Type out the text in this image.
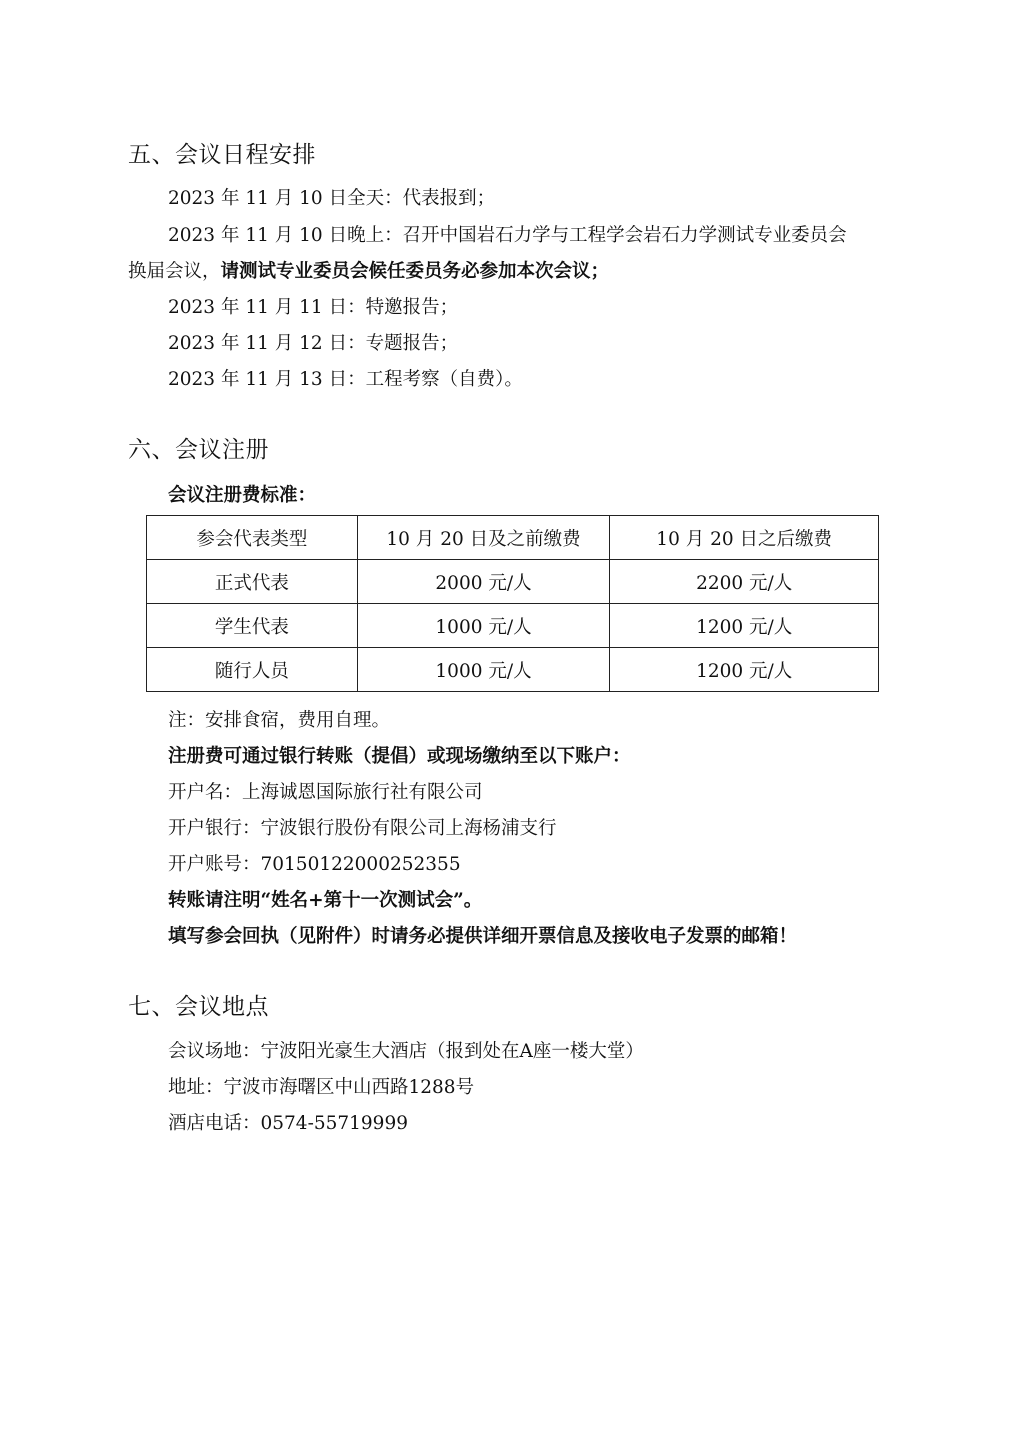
五、会议日程安排

2023 年 11 月 10 日全天：代表报到；

2023 年 11 月 10 日晚上：召开中国岩石力学与工程学会岩石力学测试专业委员会

换届会议，请测试专业委员会候任委员务必参加本次会议；

2023 年 11 月 11 日：特邀报告；

2023 年 11 月 12 日：专题报告；

2023 年 11 月 13 日：工程考察（自费）。

六、会议注册

会议注册费标准：

参会代表类型	10 月 20 日及之前缴费	10 月 20 日之后缴费
正式代表	2000 元/人	2200 元/人
学生代表	1000 元/人	1200 元/人
随行人员	1000 元/人	1200 元/人

注：安排食宿，费用自理。

注册费可通过银行转账（提倡）或现场缴纳至以下账户：

开户名：上海诚恩国际旅行社有限公司

开户银行：宁波银行股份有限公司上海杨浦支行

开户账号：70150122000252355

转账请注明“姓名+第十一次测试会”。

填写参会回执（见附件）时请务必提供详细开票信息及接收电子发票的邮箱！

七、会议地点

会议场地：宁波阳光豪生大酒店（报到处在A座一楼大堂）

地址：宁波市海曙区中山西路1288号

酒店电话：0574-55719999
